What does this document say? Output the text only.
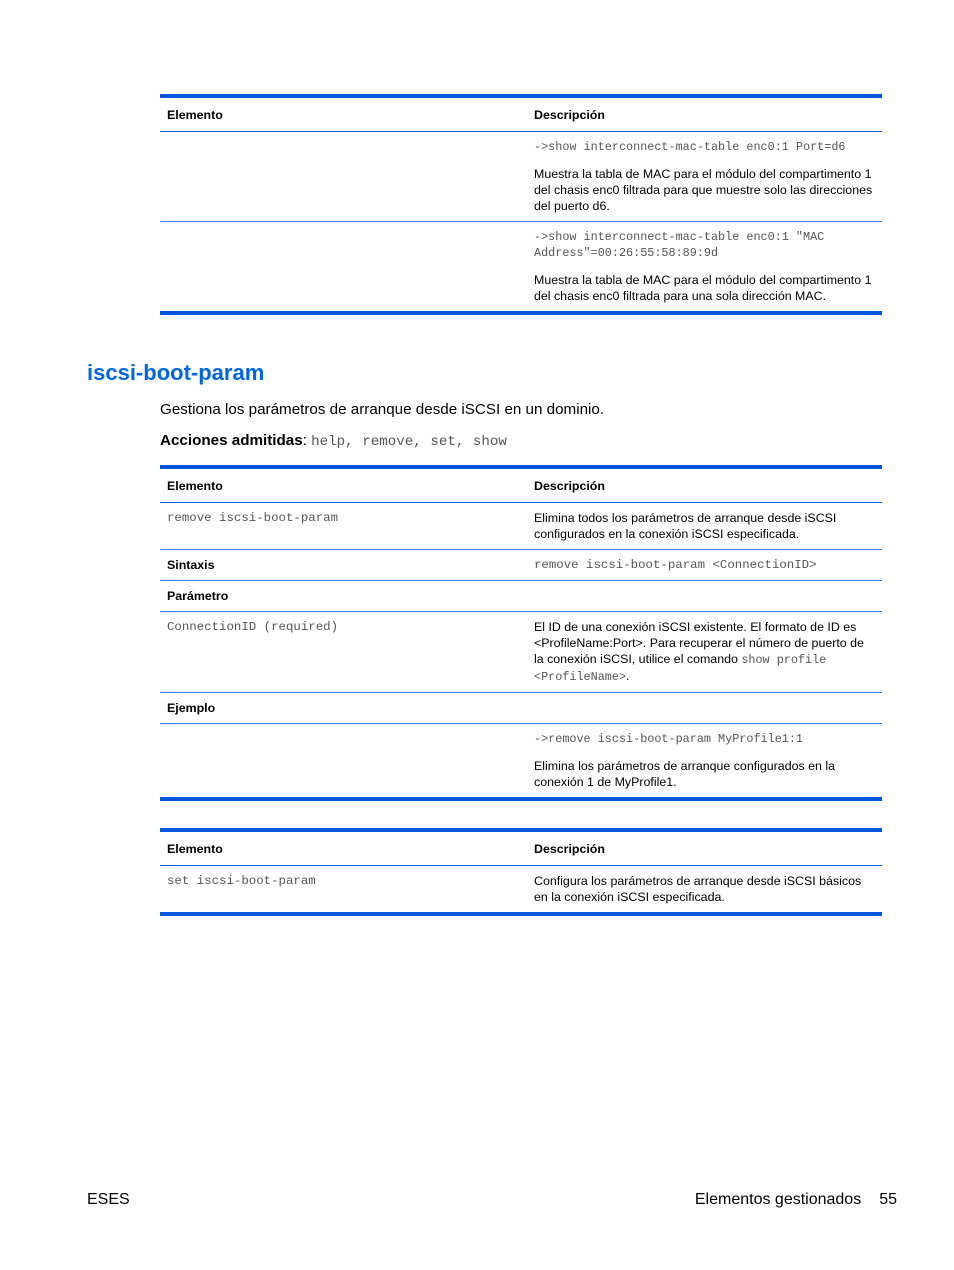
Elemento	Descripción

	->show interconnect-mac-table enc0:1 Port=d6
Muestra la tabla de MAC para el módulo del compartimento 1 del chasis enc0 filtrada para que muestre solo las direcciones del puerto d6.

	->show interconnect-mac-table enc0:1 "MAC Address"=00:26:55:58:89:9d
Muestra la tabla de MAC para el módulo del compartimento 1 del chasis enc0 filtrada para una sola dirección MAC.
iscsi-boot-param
Gestiona los parámetros de arranque desde iSCSI en un dominio.
Acciones admitidas: help, remove, set, show
Elemento	Descripción
remove iscsi-boot-param	Elimina todos los parámetros de arranque desde iSCSI configurados en la conexión iSCSI especificada.
Sintaxis	remove iscsi-boot-param <ConnectionID>
Parámetro	
ConnectionID (required)	El ID de una conexión iSCSI existente. El formato de ID es <ProfileName:Port>. Para recuperar el número de puerto de la conexión iSCSI, utilice el comando show profile <ProfileName>.
Ejemplo	

	->remove iscsi-boot-param MyProfile1:1
Elimina los parámetros de arranque configurados en la conexión 1 de MyProfile1.
Elemento	Descripción
set iscsi-boot-param	Configura los parámetros de arranque desde iSCSI básicos en la conexión iSCSI especificada.
ESES	Elementos gestionados 55
